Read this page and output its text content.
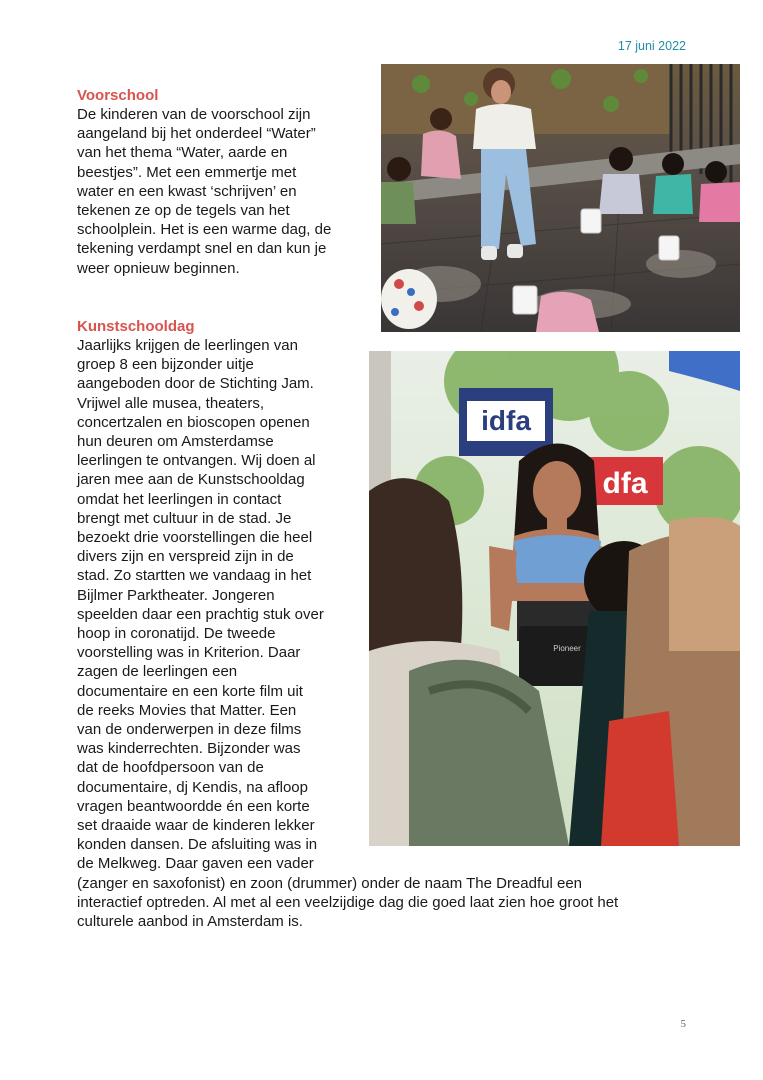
17 juni 2022
Voorschool

De kinderen van de voorschool zijn

aangeland bij het onderdeel “Water”

van het thema “Water, aarde en

beestjes”. Met een emmertje met

water en een kwast ‘schrijven’ en

tekenen ze op de tegels van het

schoolplein. Het is een warme dag, de

tekening verdampt snel en dan kun je

weer opnieuw beginnen.

Kunstschooldag

Jaarlijks krijgen de leerlingen van

groep 8 een bijzonder uitje

aangeboden door de Stichting Jam.

Vrijwel alle musea, theaters,

concertzalen en bioscopen openen

hun deuren om Amsterdamse

leerlingen te ontvangen. Wij doen al

jaren mee aan de Kunstschooldag

omdat het leerlingen in contact

brengt met cultuur in de stad. Je

bezoekt drie voorstellingen die heel

divers zijn en verspreid zijn in de

stad. Zo startten we vandaag in het

Bijlmer Parktheater. Jongeren

speelden daar een prachtig stuk over

hoop in coronatijd. De tweede

voorstelling was in Kriterion. Daar

zagen de leerlingen een

documentaire en een korte film uit

de reeks Movies that Matter. Een

van de onderwerpen in deze films

was kinderrechten. Bijzonder was

dat de hoofdpersoon van de

documentaire, dj Kendis, na afloop

vragen beantwoordde én een korte

set draaide waar de kinderen lekker

konden dansen. De afsluiting was in

de Melkweg. Daar gaven een vader

(zanger en saxofonist) en zoon (drummer) onder de naam The Dreadful een

interactief optreden. Al met al een veelzijdige dag die goed laat zien hoe groot het

culturele aanbod in Amsterdam is.

idfa
dfa
Pioneer
5
